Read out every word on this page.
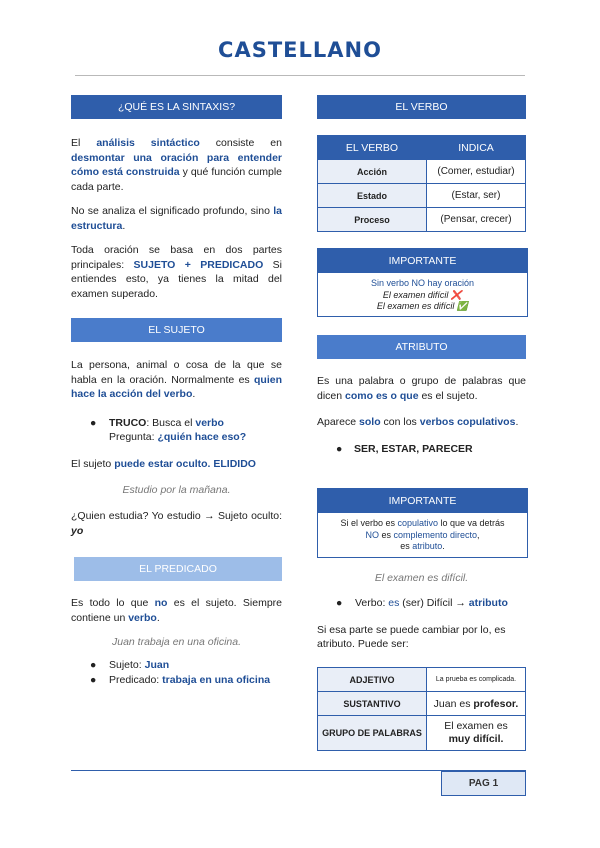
CASTELLANO
¿QUÉ ES LA SINTAXIS?

El análisis sintáctico consiste en desmontar una oración para entender cómo está construida y qué función cumple cada parte.

No se analiza el significado profundo, sino la estructura.

Toda oración se basa en dos partes principales: SUJETO + PREDICADO Si entiendes esto, ya tienes la mitad del examen superado.

EL SUJETO

La persona, animal o cosa de la que se habla en la oración. Normalmente es quien hace la acción del verbo.

● TRUCO: Busca el verbo
Pregunta: ¿quién hace eso?

El sujeto puede estar oculto. ELIDIDO

Estudio por la mañana.

¿Quien estudia? Yo estudio → Sujeto oculto: yo

EL PREDICADO

Es todo lo que no es el sujeto. Siempre contiene un verbo.

Juan trabaja en una oficina.
● Sujeto: Juan
● Predicado: trabaja en una oficina
EL VERBO
EL VERBO	INDICA
Acción	(Comer, estudiar)
Estado	(Estar, ser)
Proceso	(Pensar, crecer)
IMPORTANTE
Sin verbo NO hay oración
El examen difícil ❌
El examen es difícil ✅
ATRIBUTO

Es una palabra o grupo de palabras que dicen como es o que es el sujeto.

Aparece solo con los verbos copulativos.

● SER, ESTAR, PARECER
IMPORTANTE
Si el verbo es copulativo lo que va detrás
NO es complemento directo,
es atributo.
El examen es difícil.
● Verbo: es (ser) Difícil → atributo

Si esa parte se puede cambiar por lo, es atributo. Puede ser:

ADJETIVO	La prueba es complicada.
SUSTANTIVO	Juan es profesor.
GRUPO DE PALABRAS	El examen es
muy difícil.
PAG 1
